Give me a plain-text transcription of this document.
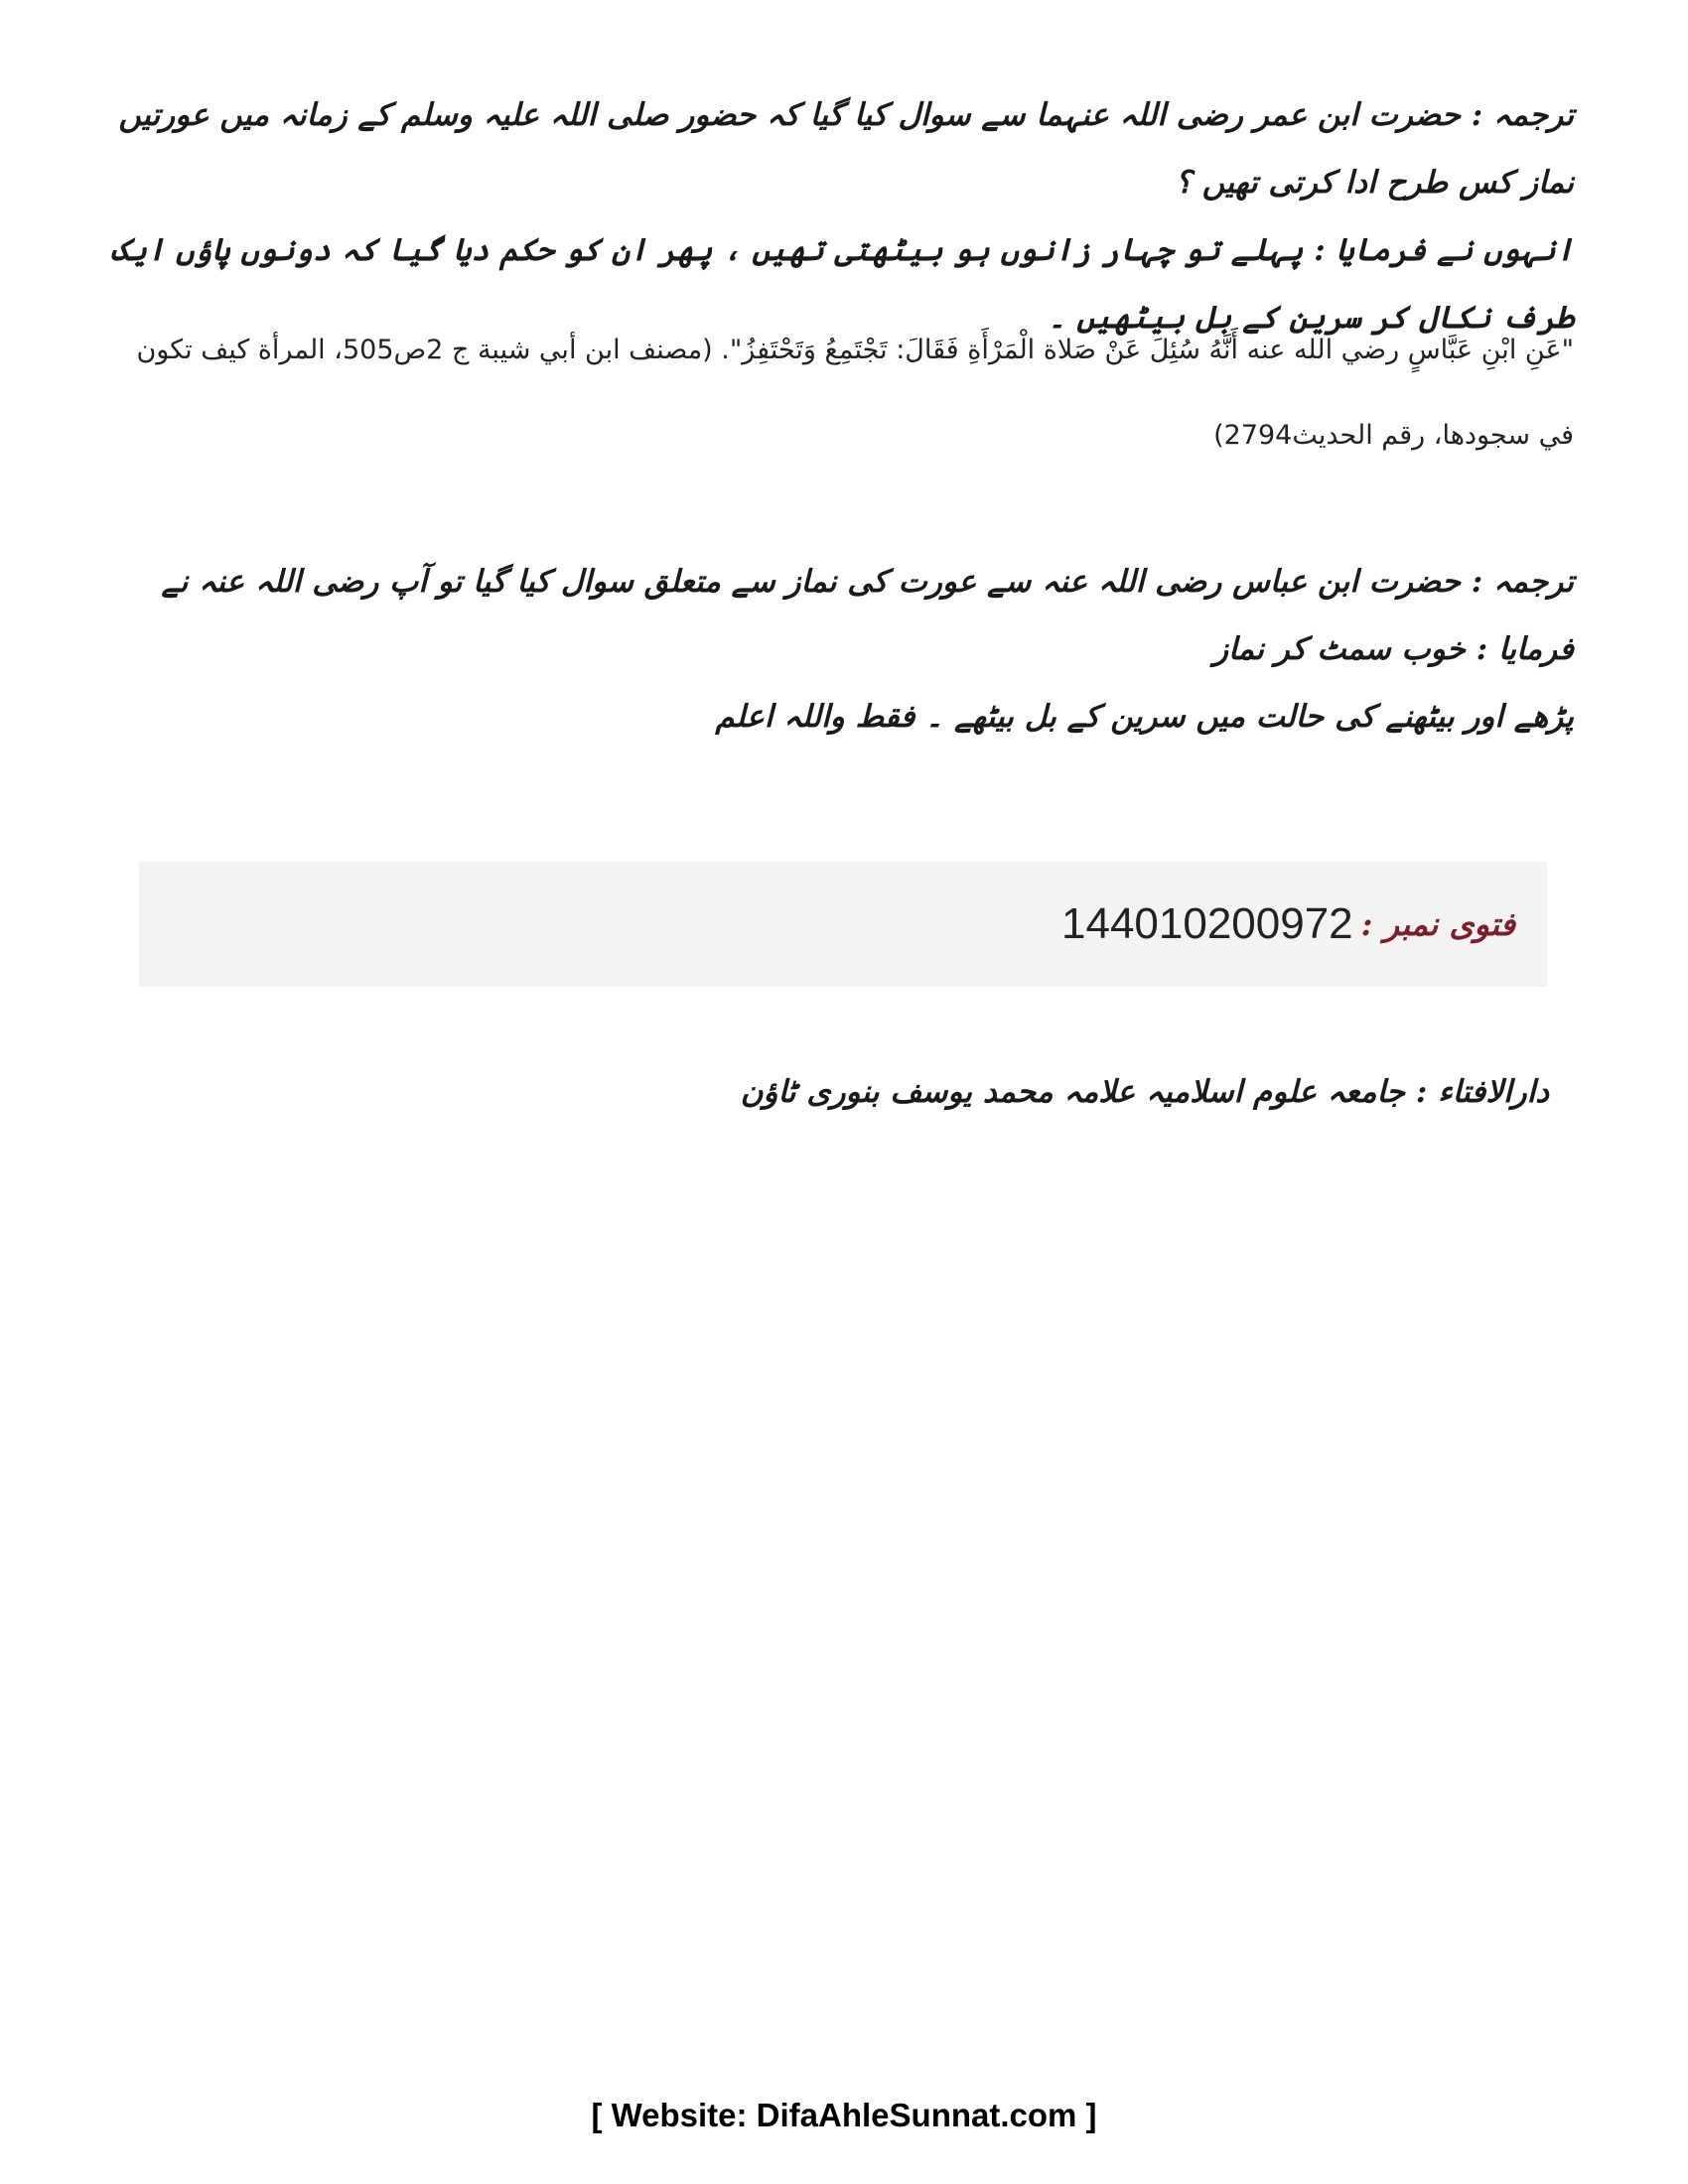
ترجمہ : حضرت ابن عمر رضی اللہ عنہما سے سوال کیا گیا کہ حضور صلی اللہ علیہ وسلم کے زمانہ میں عورتیں نماز کس طرح ادا کرتی تھیں ؟
انہوں نے فرمایا : پہلے تو چہار زانوں ہو بیٹھتی تھیں ، پھر ان کو حکم دیا گیا کہ دونوں پاؤں ایک طرف نکال کر سرین کے بل بیٹھیں ۔
"عَنِ ابْنِ عَبَّاسٍ رضي الله عنه أَنَّهُ سُئِلَ عَنْ صَلاة الْمَرْأَةِ فَقَالَ: تَجْتَمِعُ وَتَحْتَفِزُ". (مصنف ابن أبي شيبة ج 2ص505، المرأة كيف تكون
في سجودها، رقم الحديث2794)
ترجمہ : حضرت ابن عباس رضی اللہ عنہ سے عورت کی نماز سے متعلق سوال کیا گیا تو آپ رضی اللہ عنہ نے فرمایا : خوب سمٹ کر نماز
پڑھے اور بیٹھنے کی حالت میں سرین کے بل بیٹھے ۔ فقط واللہ اعلم
فتوی نمبر :
144010200972
دارالافتاء : جامعہ علوم اسلامیہ علامہ محمد یوسف بنوری ٹاؤن
[ Website: DifaAhleSunnat.com ]
